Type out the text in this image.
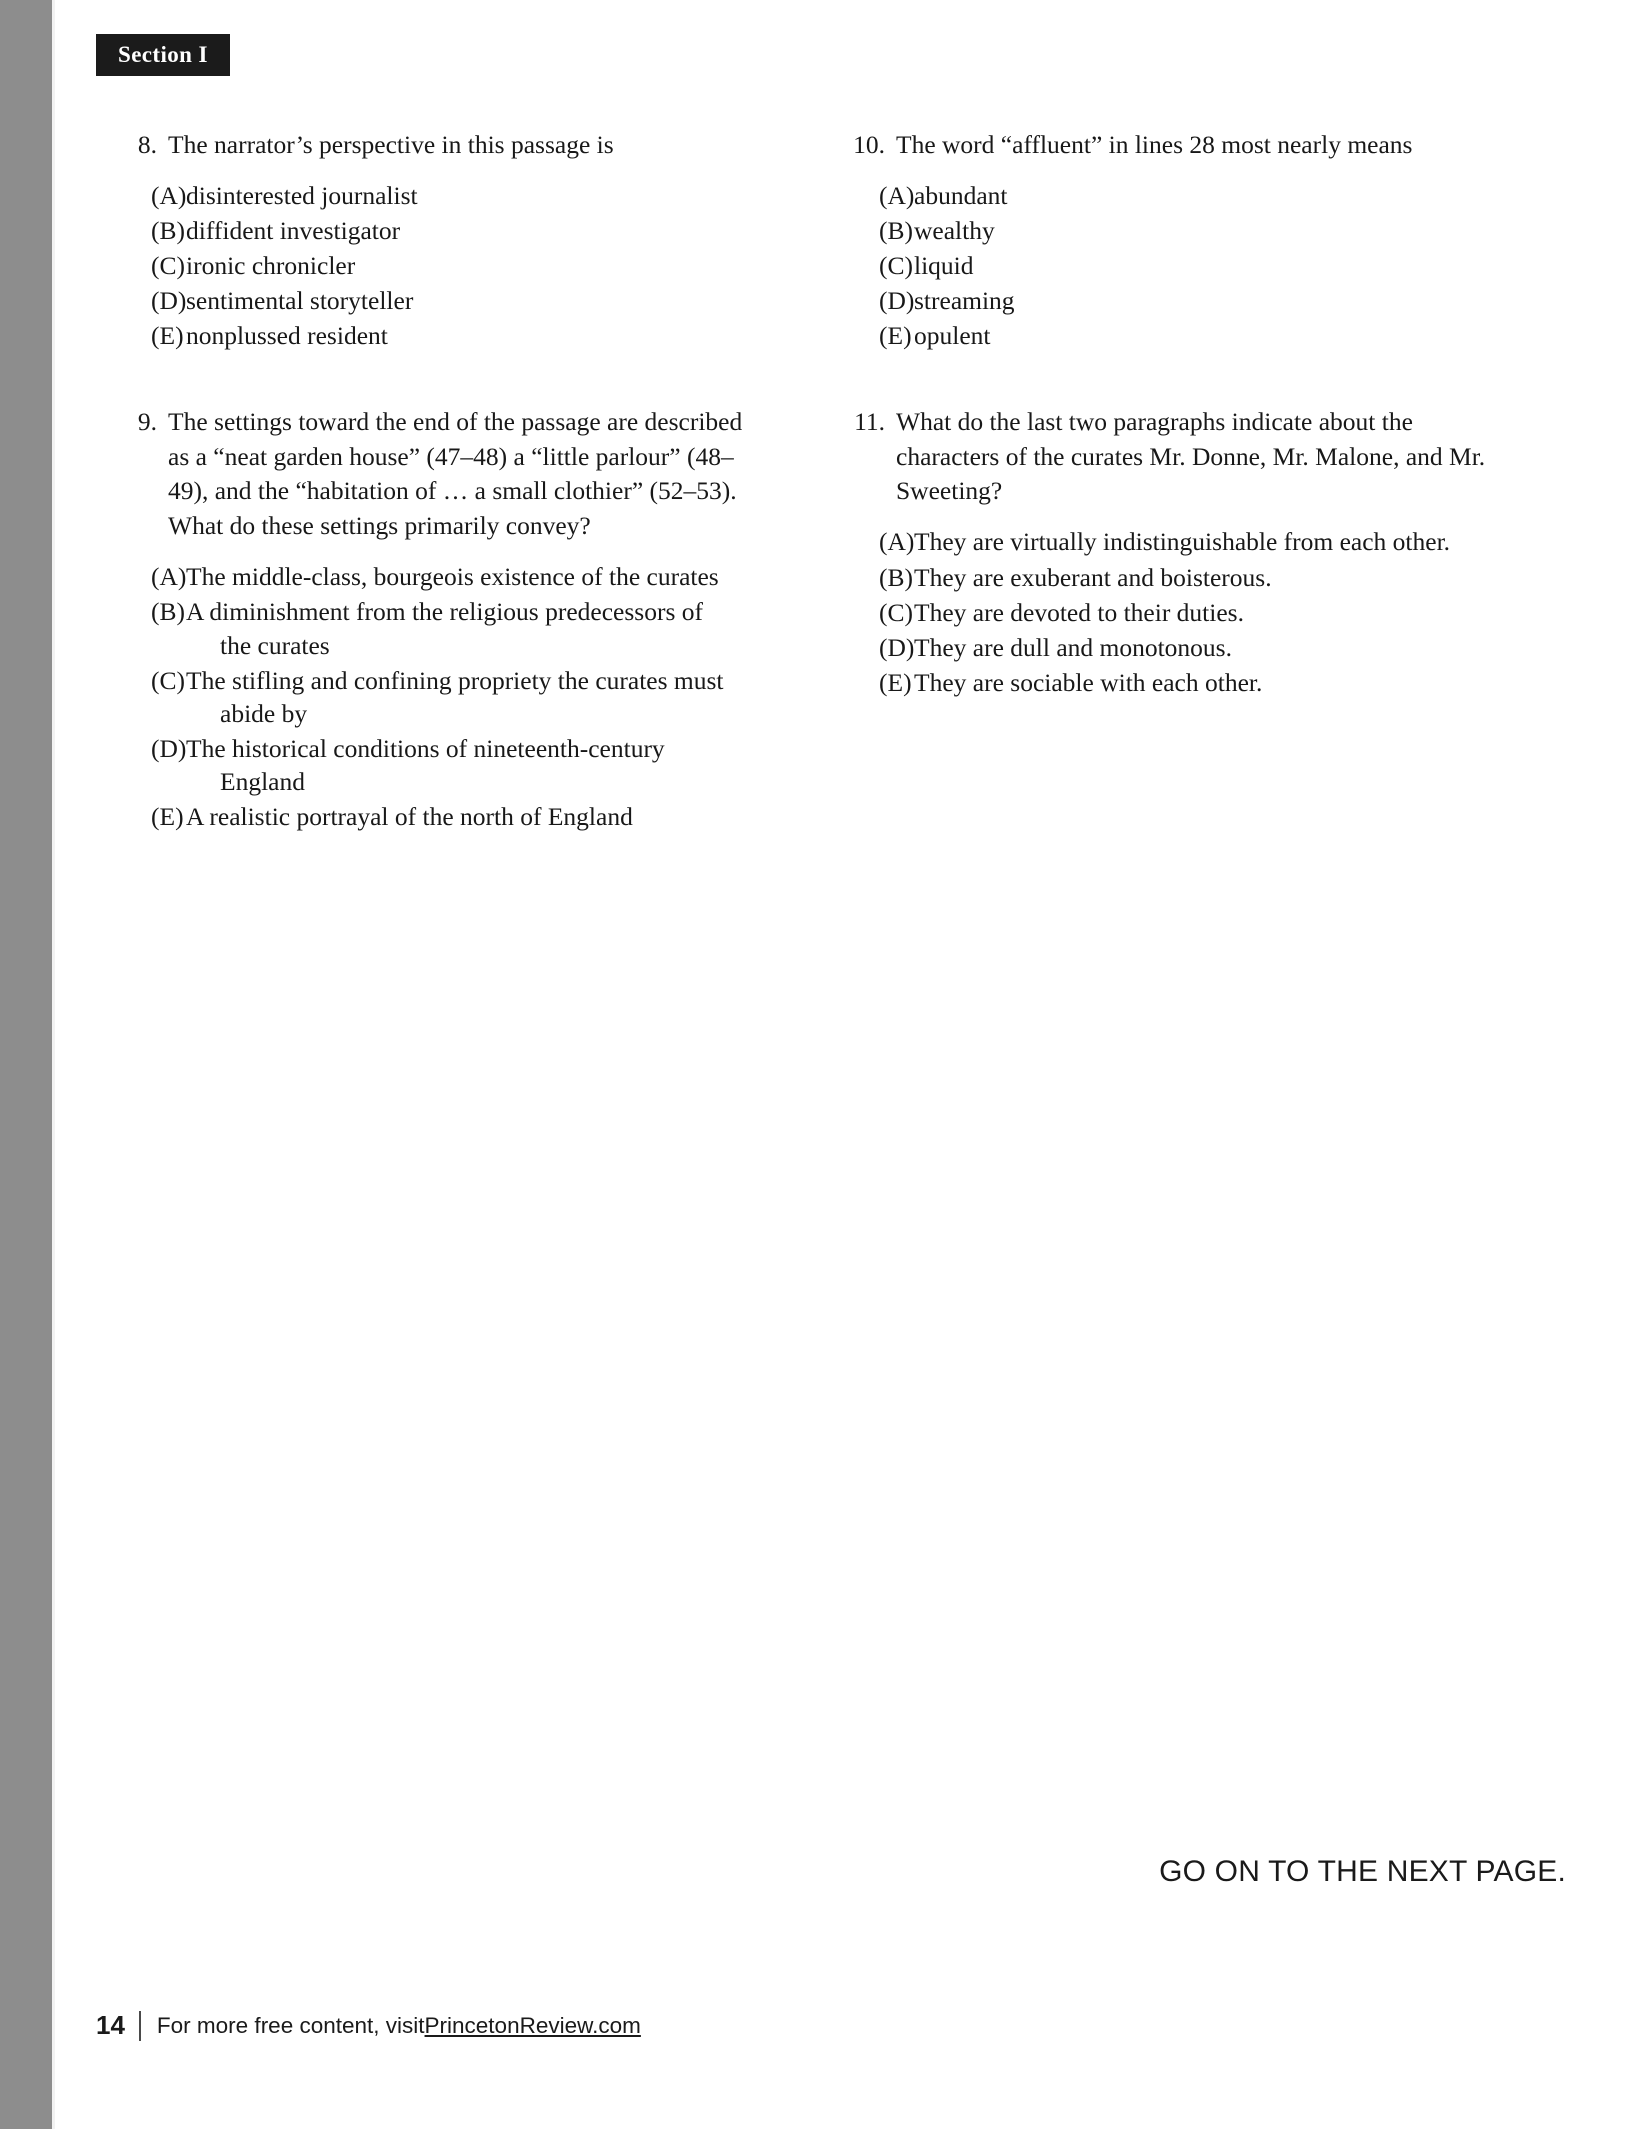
Section I
8. The narrator’s perspective in this passage is
(A) disinterested journalist
(B) diffident investigator
(C) ironic chronicler
(D) sentimental storyteller
(E) nonplussed resident
9. The settings toward the end of the passage are described as a “neat garden house” (47–48) a “little parlour” (48–49), and the “habitation of … a small clothier” (52–53). What do these settings primarily convey?
(A) The middle-class, bourgeois existence of the curates
(B) A diminishment from the religious predecessors of
the curates
(C) The stifling and confining propriety the curates must
abide by
(D) The historical conditions of nineteenth-century
England
(E) A realistic portrayal of the north of England
10. The word “affluent” in lines 28 most nearly means
(A) abundant
(B) wealthy
(C) liquid
(D) streaming
(E) opulent
11. What do the last two paragraphs indicate about the characters of the curates Mr. Donne, Mr. Malone, and Mr. Sweeting?
(A) They are virtually indistinguishable from each other.
(B) They are exuberant and boisterous.
(C) They are devoted to their duties.
(D) They are dull and monotonous.
(E) They are sociable with each other.
GO ON TO THE NEXT PAGE.
14 For more free content, visit PrincetonReview.com
